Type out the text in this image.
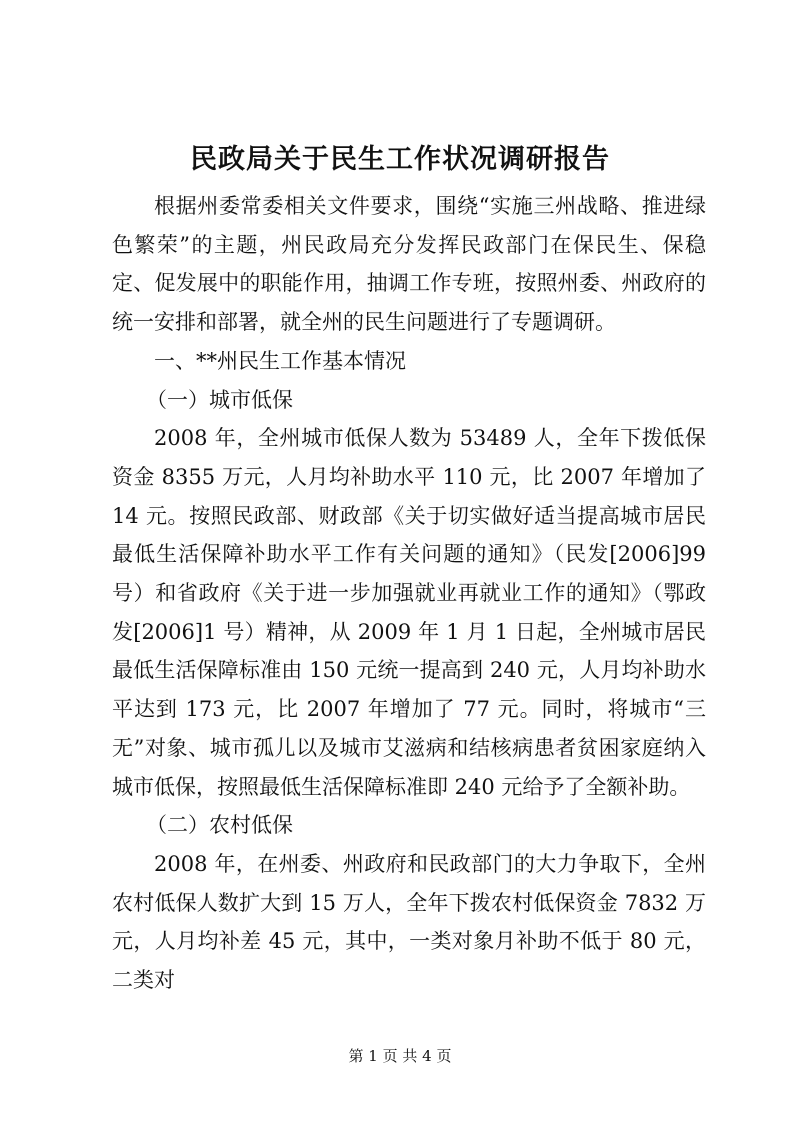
民政局关于民生工作状况调研报告

根据州委常委相关文件要求，围绕“实施三州战略、推进绿色繁荣”的主题，州民政局充分发挥民政部门在保民生、保稳定、促发展中的职能作用，抽调工作专班，按照州委、州政府的统一安排和部署，就全州的民生问题进行了专题调研。

一、**州民生工作基本情况

（一）城市低保

2008 年，全州城市低保人数为 53489 人，全年下拨低保资金 8355 万元，人月均补助水平 110 元，比 2007 年增加了 14 元。按照民政部、财政部《关于切实做好适当提高城市居民最低生活保障补助水平工作有关问题的通知》（民发[2006]99 号）和省政府《关于进一步加强就业再就业工作的通知》（鄂政发[2006]1 号）精神，从 2009 年 1 月 1 日起，全州城市居民最低生活保障标准由 150 元统一提高到 240 元，人月均补助水平达到 173 元，比 2007 年增加了 77 元。同时，将城市“三无”对象、城市孤儿以及城市艾滋病和结核病患者贫困家庭纳入城市低保，按照最低生活保障标准即 240 元给予了全额补助。

（二）农村低保

2008 年，在州委、州政府和民政部门的大力争取下，全州农村低保人数扩大到 15 万人，全年下拨农村低保资金 7832 万元，人月均补差 45 元，其中，一类对象月补助不低于 80 元，二类对

第 1 页 共 4 页
